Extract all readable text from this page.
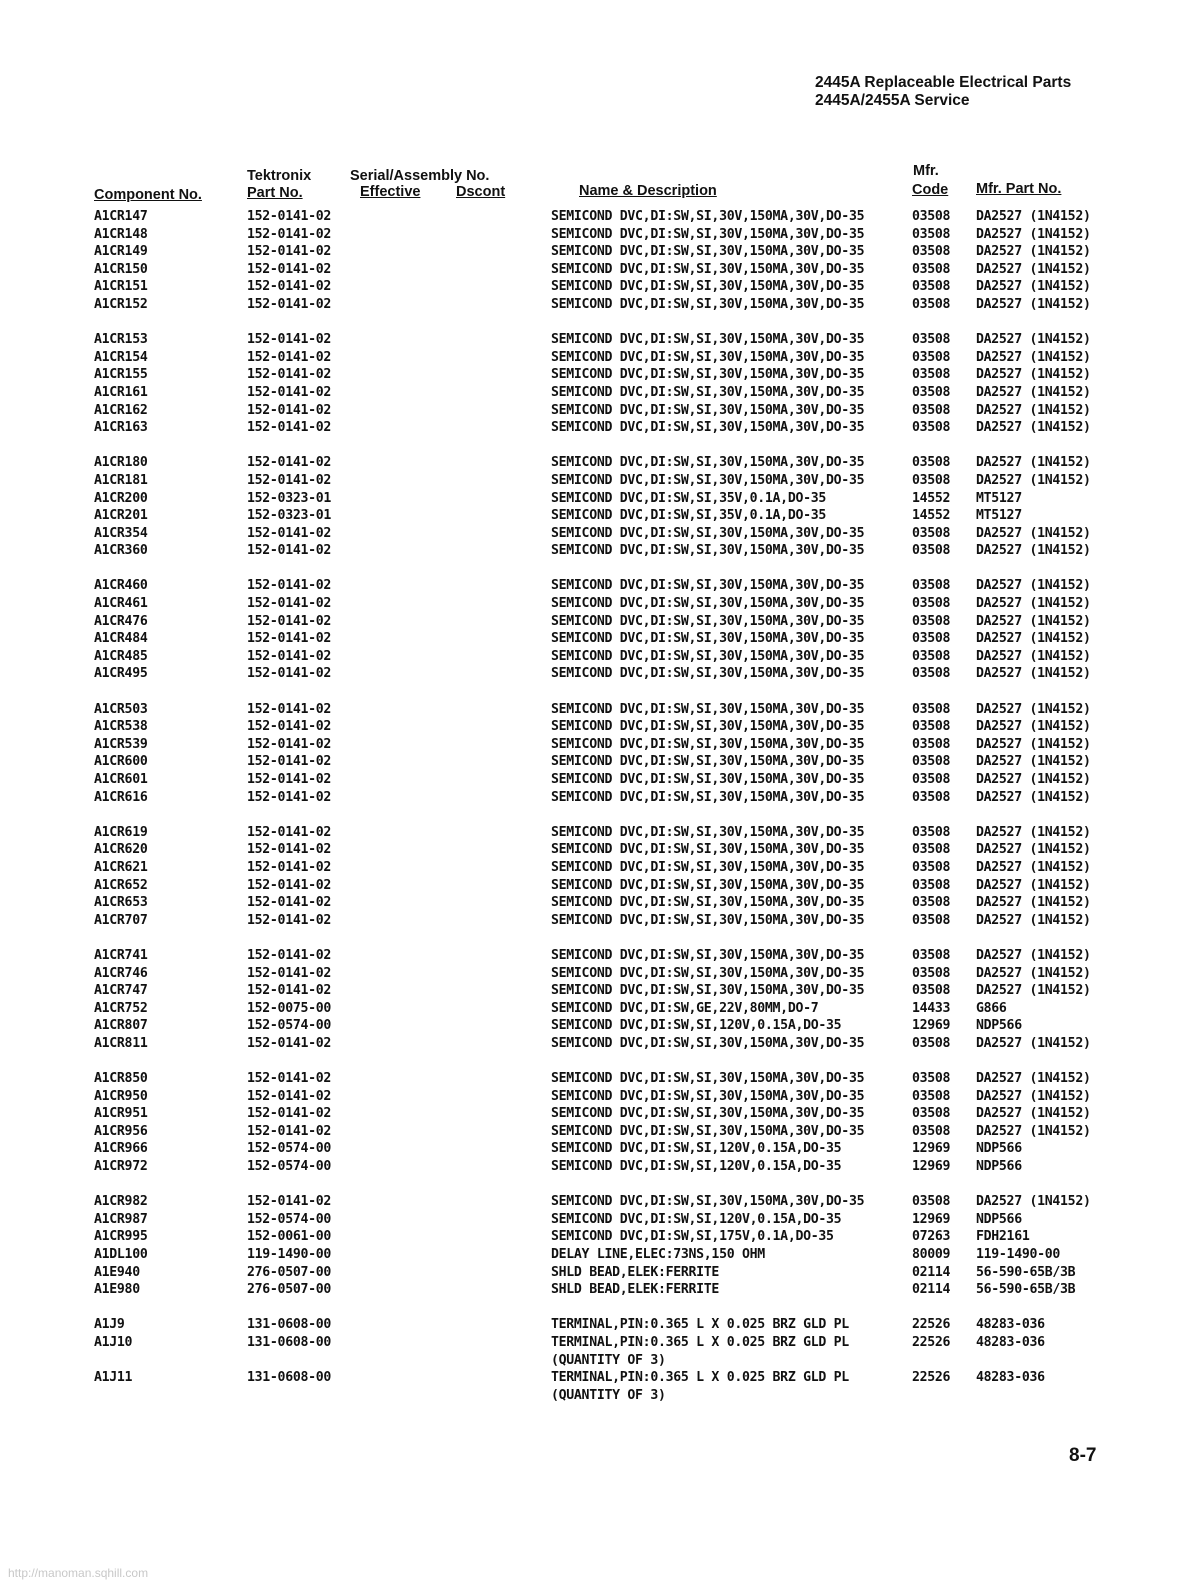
2445A Replaceable Electrical Parts
2445A/2455A Service
Tektronix	Serial/Assembly No.	Mfr.
Component No.	Part No.	Effective Dscont	Name & Description	Code Mfr. Part No.
A1CR147	152-0141-02	SEMICOND DVC,DI:SW,SI,30V,150MA,30V,DO-35	03508 DA2527 (1N4152)
A1CR148	152-0141-02	SEMICOND DVC,DI:SW,SI,30V,150MA,30V,DO-35	03508 DA2527 (1N4152)
A1CR149	152-0141-02	SEMICOND DVC,DI:SW,SI,30V,150MA,30V,DO-35	03508 DA2527 (1N4152)
A1CR150	152-0141-02	SEMICOND DVC,DI:SW,SI,30V,150MA,30V,DO-35	03508 DA2527 (1N4152)
A1CR151	152-0141-02	SEMICOND DVC,DI:SW,SI,30V,150MA,30V,DO-35	03508 DA2527 (1N4152)
A1CR152	152-0141-02	SEMICOND DVC,DI:SW,SI,30V,150MA,30V,DO-35	03508 DA2527 (1N4152)
A1CR153	152-0141-02	SEMICOND DVC,DI:SW,SI,30V,150MA,30V,DO-35	03508 DA2527 (1N4152)
A1CR154	152-0141-02	SEMICOND DVC,DI:SW,SI,30V,150MA,30V,DO-35	03508 DA2527 (1N4152)
A1CR155	152-0141-02	SEMICOND DVC,DI:SW,SI,30V,150MA,30V,DO-35	03508 DA2527 (1N4152)
A1CR161	152-0141-02	SEMICOND DVC,DI:SW,SI,30V,150MA,30V,DO-35	03508 DA2527 (1N4152)
A1CR162	152-0141-02	SEMICOND DVC,DI:SW,SI,30V,150MA,30V,DO-35	03508 DA2527 (1N4152)
A1CR163	152-0141-02	SEMICOND DVC,DI:SW,SI,30V,150MA,30V,DO-35	03508 DA2527 (1N4152)
A1CR180	152-0141-02	SEMICOND DVC,DI:SW,SI,30V,150MA,30V,DO-35	03508 DA2527 (1N4152)
A1CR181	152-0141-02	SEMICOND DVC,DI:SW,SI,30V,150MA,30V,DO-35	03508 DA2527 (1N4152)
A1CR200	152-0323-01	SEMICOND DVC,DI:SW,SI,35V,0.1A,DO-35	14552 MT5127
A1CR201	152-0323-01	SEMICOND DVC,DI:SW,SI,35V,0.1A,DO-35	14552 MT5127
A1CR354	152-0141-02	SEMICOND DVC,DI:SW,SI,30V,150MA,30V,DO-35	03508 DA2527 (1N4152)
A1CR360	152-0141-02	SEMICOND DVC,DI:SW,SI,30V,150MA,30V,DO-35	03508 DA2527 (1N4152)
A1CR460	152-0141-02	SEMICOND DVC,DI:SW,SI,30V,150MA,30V,DO-35	03508 DA2527 (1N4152)
A1CR461	152-0141-02	SEMICOND DVC,DI:SW,SI,30V,150MA,30V,DO-35	03508 DA2527 (1N4152)
A1CR476	152-0141-02	SEMICOND DVC,DI:SW,SI,30V,150MA,30V,DO-35	03508 DA2527 (1N4152)
A1CR484	152-0141-02	SEMICOND DVC,DI:SW,SI,30V,150MA,30V,DO-35	03508 DA2527 (1N4152)
A1CR485	152-0141-02	SEMICOND DVC,DI:SW,SI,30V,150MA,30V,DO-35	03508 DA2527 (1N4152)
A1CR495	152-0141-02	SEMICOND DVC,DI:SW,SI,30V,150MA,30V,DO-35	03508 DA2527 (1N4152)
A1CR503	152-0141-02	SEMICOND DVC,DI:SW,SI,30V,150MA,30V,DO-35	03508 DA2527 (1N4152)
A1CR538	152-0141-02	SEMICOND DVC,DI:SW,SI,30V,150MA,30V,DO-35	03508 DA2527 (1N4152)
A1CR539	152-0141-02	SEMICOND DVC,DI:SW,SI,30V,150MA,30V,DO-35	03508 DA2527 (1N4152)
A1CR600	152-0141-02	SEMICOND DVC,DI:SW,SI,30V,150MA,30V,DO-35	03508 DA2527 (1N4152)
A1CR601	152-0141-02	SEMICOND DVC,DI:SW,SI,30V,150MA,30V,DO-35	03508 DA2527 (1N4152)
A1CR616	152-0141-02	SEMICOND DVC,DI:SW,SI,30V,150MA,30V,DO-35	03508 DA2527 (1N4152)
A1CR619	152-0141-02	SEMICOND DVC,DI:SW,SI,30V,150MA,30V,DO-35	03508 DA2527 (1N4152)
A1CR620	152-0141-02	SEMICOND DVC,DI:SW,SI,30V,150MA,30V,DO-35	03508 DA2527 (1N4152)
A1CR621	152-0141-02	SEMICOND DVC,DI:SW,SI,30V,150MA,30V,DO-35	03508 DA2527 (1N4152)
A1CR652	152-0141-02	SEMICOND DVC,DI:SW,SI,30V,150MA,30V,DO-35	03508 DA2527 (1N4152)
A1CR653	152-0141-02	SEMICOND DVC,DI:SW,SI,30V,150MA,30V,DO-35	03508 DA2527 (1N4152)
A1CR707	152-0141-02	SEMICOND DVC,DI:SW,SI,30V,150MA,30V,DO-35	03508 DA2527 (1N4152)
A1CR741	152-0141-02	SEMICOND DVC,DI:SW,SI,30V,150MA,30V,DO-35	03508 DA2527 (1N4152)
A1CR746	152-0141-02	SEMICOND DVC,DI:SW,SI,30V,150MA,30V,DO-35	03508 DA2527 (1N4152)
A1CR747	152-0141-02	SEMICOND DVC,DI:SW,SI,30V,150MA,30V,DO-35	03508 DA2527 (1N4152)
A1CR752	152-0075-00	SEMICOND DVC,DI:SW,GE,22V,80MM,DO-7	14433 G866
A1CR807	152-0574-00	SEMICOND DVC,DI:SW,SI,120V,0.15A,DO-35	12969 NDP566
A1CR811	152-0141-02	SEMICOND DVC,DI:SW,SI,30V,150MA,30V,DO-35	03508 DA2527 (1N4152)
A1CR850	152-0141-02	SEMICOND DVC,DI:SW,SI,30V,150MA,30V,DO-35	03508 DA2527 (1N4152)
A1CR950	152-0141-02	SEMICOND DVC,DI:SW,SI,30V,150MA,30V,DO-35	03508 DA2527 (1N4152)
A1CR951	152-0141-02	SEMICOND DVC,DI:SW,SI,30V,150MA,30V,DO-35	03508 DA2527 (1N4152)
A1CR956	152-0141-02	SEMICOND DVC,DI:SW,SI,30V,150MA,30V,DO-35	03508 DA2527 (1N4152)
A1CR966	152-0574-00	SEMICOND DVC,DI:SW,SI,120V,0.15A,DO-35	12969 NDP566
A1CR972	152-0574-00	SEMICOND DVC,DI:SW,SI,120V,0.15A,DO-35	12969 NDP566
A1CR982	152-0141-02	SEMICOND DVC,DI:SW,SI,30V,150MA,30V,DO-35	03508 DA2527 (1N4152)
A1CR987	152-0574-00	SEMICOND DVC,DI:SW,SI,120V,0.15A,DO-35	12969 NDP566
A1CR995	152-0061-00	SEMICOND DVC,DI:SW,SI,175V,0.1A,DO-35	07263 FDH2161
A1DL100	119-1490-00	DELAY LINE,ELEC:73NS,150 OHM	80009 119-1490-00
A1E940	276-0507-00	SHLD BEAD,ELEK:FERRITE	02114 56-590-65B/3B
A1E980	276-0507-00	SHLD BEAD,ELEK:FERRITE	02114 56-590-65B/3B
A1J9	131-0608-00	TERMINAL,PIN:0.365 L X 0.025 BRZ GLD PL	22526 48283-036
A1J10	131-0608-00	TERMINAL,PIN:0.365 L X 0.025 BRZ GLD PL	22526 48283-036
(QUANTITY OF 3)
A1J11	131-0608-00	TERMINAL,PIN:0.365 L X 0.025 BRZ GLD PL	22526 48283-036
(QUANTITY OF 3)
8-7
http://manoman.sqhill.com
